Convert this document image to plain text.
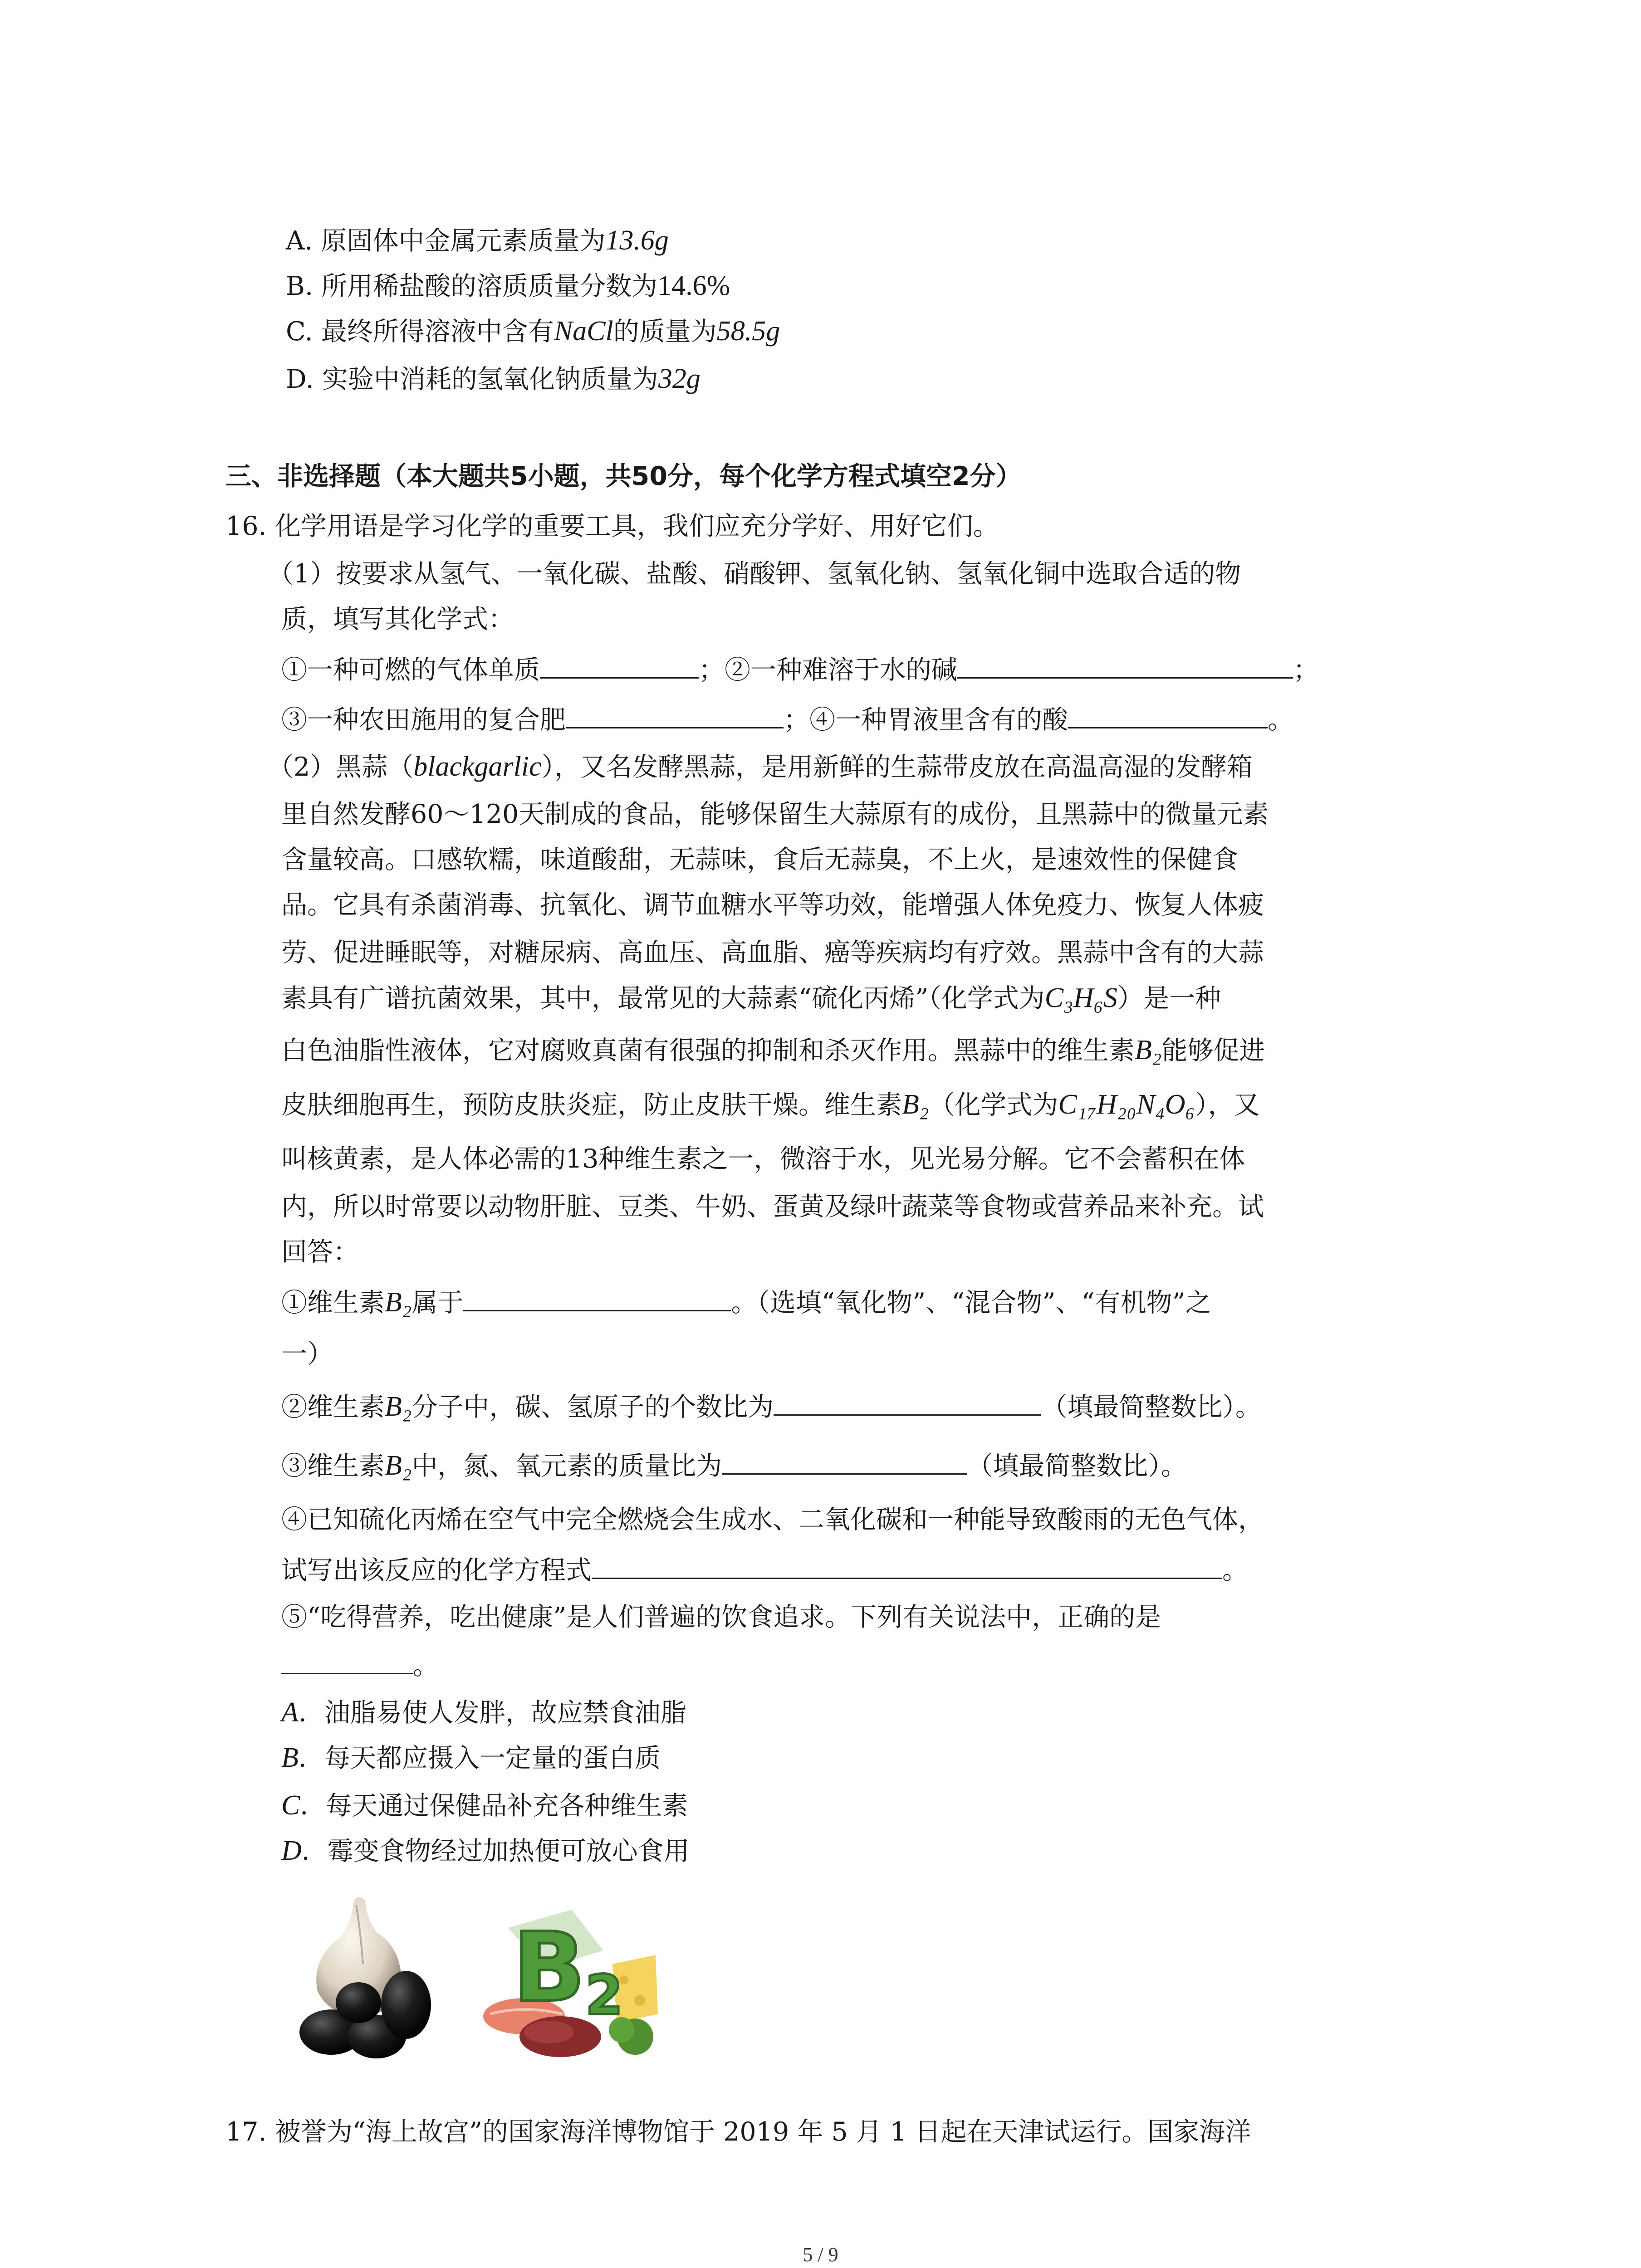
A. 原固体中金属元素质量为13.6g
B. 所用稀盐酸的溶质质量分数为14.6%
C. 最终所得溶液中含有NaCl的质量为58.5g
D. 实验中消耗的氢氧化钠质量为32g
三、非选择题（本大题共5小题，共50分，每个化学方程式填空2分）
16. 化学用语是学习化学的重要工具，我们应充分学好、用好它们。
（1）按要求从氢气、一氧化碳、盐酸、硝酸钾、氢氧化钠、氢氧化铜中选取合适的物
质，填写其化学式：
①一种可燃的气体单质	；②一种难溶于水的碱	；
③一种农田施用的复合肥	；④一种胃液里含有的酸	。
（2）黑蒜（blackgarlic），又名发酵黑蒜，是用新鲜的生蒜带皮放在高温高湿的发酵箱
里自然发酵60～120天制成的食品，能够保留生大蒜原有的成份，且黑蒜中的微量元素
含量较高。口感软糯，味道酸甜，无蒜味，食后无蒜臭，不上火，是速效性的保健食
品。它具有杀菌消毒、抗氧化、调节血糖水平等功效，能增强人体免疫力、恢复人体疲
劳、促进睡眠等，对糖尿病、高血压、高血脂、癌等疾病均有疗效。黑蒜中含有的大蒜
素具有广谱抗菌效果，其中，最常见的大蒜素“硫化丙烯”（化学式为C₃H₆S）是一种
白色油脂性液体，它对腐败真菌有很强的抑制和杀灭作用。黑蒜中的维生素B₂能够促进
皮肤细胞再生，预防皮肤炎症，防止皮肤干燥。维生素B₂（化学式为C₁₇H₂₀N₄O₆），又
叫核黄素，是人体必需的13种维生素之一，微溶于水，见光易分解。它不会蓄积在体
内，所以时常要以动物肝脏、豆类、牛奶、蛋黄及绿叶蔬菜等食物或营养品来补充。试
回答：
①维生素B₂属于	。（选填“氧化物”、“混合物”、“有机物”之
一）
②维生素B₂分子中，碳、氢原子的个数比为	（填最简整数比）。
③维生素B₂中，氮、氧元素的质量比为	（填最简整数比）。
④已知硫化丙烯在空气中完全燃烧会生成水、二氧化碳和一种能导致酸雨的无色气体，
试写出该反应的化学方程式	。
⑤“吃得营养，吃出健康”是人们普遍的饮食追求。下列有关说法中，正确的是
。
A．油脂易使人发胖，故应禁食油脂
B．每天都应摄入一定量的蛋白质
C．每天通过保健品补充各种维生素
D．霉变食物经过加热便可放心食用
B 2
17. 被誉为“海上故宫”的国家海洋博物馆于 2019 年 5 月 1 日起在天津试运行。国家海洋
5 / 9
